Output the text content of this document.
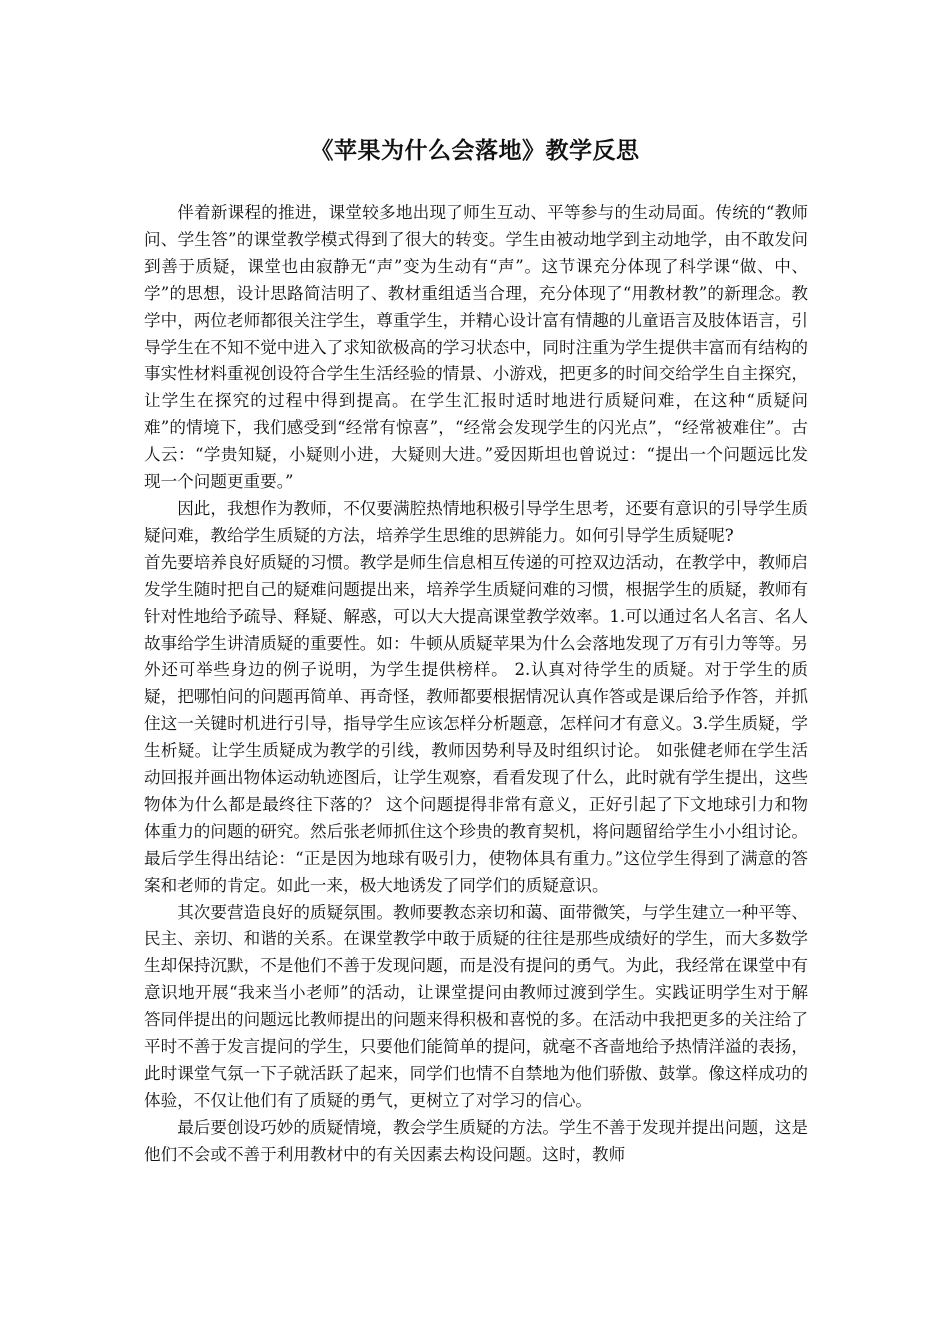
《苹果为什么会落地》教学反思

伴着新课程的推进，课堂较多地出现了师生互动、平等参与的生动局面。传统的“教师问、学生答”的课堂教学模式得到了很大的转变。学生由被动地学到主动地学，由不敢发问到善于质疑，课堂也由寂静无“声”变为生动有“声”。这节课充分体现了科学课“做、中、学”的思想，设计思路简洁明了、教材重组适当合理，充分体现了“用教材教”的新理念。教学中，两位老师都很关注学生，尊重学生，并精心设计富有情趣的儿童语言及肢体语言，引导学生在不知不觉中进入了求知欲极高的学习状态中，同时注重为学生提供丰富而有结构的事实性材料重视创设符合学生生活经验的情景、小游戏，把更多的时间交给学生自主探究，让学生在探究的过程中得到提高。在学生汇报时适时地进行质疑问难，在这种“质疑问难”的情境下，我们感受到“经常有惊喜”，“经常会发现学生的闪光点”，“经常被难住”。古人云：“学贵知疑，小疑则小进，大疑则大进。”爱因斯坦也曾说过：“提出一个问题远比发现一个问题更重要。”

因此，我想作为教师，不仅要满腔热情地积极引导学生思考，还要有意识的引导学生质疑问难，教给学生质疑的方法，培养学生思维的思辨能力。如何引导学生质疑呢?

首先要培养良好质疑的习惯。教学是师生信息相互传递的可控双边活动，在教学中，教师启发学生随时把自己的疑难问题提出来，培养学生质疑问难的习惯，根据学生的质疑，教师有针对性地给予疏导、释疑、解惑，可以大大提高课堂教学效率。1.可以通过名人名言、名人故事给学生讲清质疑的重要性。如：牛顿从质疑苹果为什么会落地发现了万有引力等等。另外还可举些身边的例子说明，为学生提供榜样。 2.认真对待学生的质疑。对于学生的质疑，把哪怕问的问题再简单、再奇怪，教师都要根据情况认真作答或是课后给予作答，并抓住这一关键时机进行引导，指导学生应该怎样分析题意，怎样问才有意义。3.学生质疑，学生析疑。让学生质疑成为教学的引线，教师因势利导及时组织讨论。 如张健老师在学生活动回报并画出物体运动轨迹图后，让学生观察，看看发现了什么，此时就有学生提出，这些物体为什么都是最终往下落的？ 这个问题提得非常有意义，正好引起了下文地球引力和物体重力的问题的研究。然后张老师抓住这个珍贵的教育契机，将问题留给学生小小组讨论。最后学生得出结论：“正是因为地球有吸引力，使物体具有重力。”这位学生得到了满意的答案和老师的肯定。如此一来，极大地诱发了同学们的质疑意识。

其次要营造良好的质疑氛围。教师要教态亲切和蔼、面带微笑，与学生建立一种平等、民主、亲切、和谐的关系。在课堂教学中敢于质疑的往往是那些成绩好的学生，而大多数学生却保持沉默，不是他们不善于发现问题，而是没有提问的勇气。为此，我经常在课堂中有意识地开展“我来当小老师”的活动，让课堂提问由教师过渡到学生。实践证明学生对于解答同伴提出的问题远比教师提出的问题来得积极和喜悦的多。在活动中我把更多的关注给了平时不善于发言提问的学生，只要他们能简单的提问，就毫不吝啬地给予热情洋溢的表扬，此时课堂气氛一下子就活跃了起来，同学们也情不自禁地为他们骄傲、鼓掌。像这样成功的体验，不仅让他们有了质疑的勇气，更树立了对学习的信心。

最后要创设巧妙的质疑情境，教会学生质疑的方法。学生不善于发现并提出问题，这是他们不会或不善于利用教材中的有关因素去构设问题。这时，教师
